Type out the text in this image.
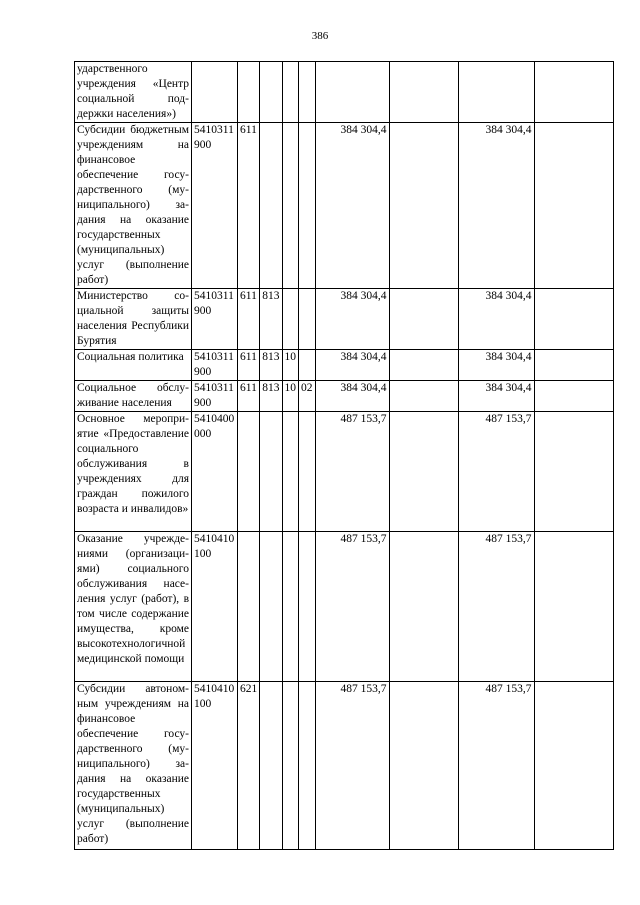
386
ударственного учреждения «Центр социальной поддержки населения»)									
Субсидии бюджетным учреждениям на финансовое обеспечение государственного (муниципального) задания на оказание государственных (муниципальных) услуг (выполнение работ)	5410311900	611				384 304,4		384 304,4	
Министерство социальной защиты населения Республики Бурятия	5410311900	611	813			384 304,4		384 304,4	
Социальная политика	5410311900	611	813	10		384 304,4		384 304,4	
Социальное обслуживание населения	5410311900	611	813	10	02	384 304,4		384 304,4	
Основное мероприятие «Предоставление социального обслуживания в учреждениях для граждан пожилого возраста и инвалидов»	5410400000					487 153,7		487 153,7	
Оказание учреждениями (организациями) социального обслуживания населения услуг (работ), в том числе содержание имущества, кроме высокотехнологичной медицинской помощи	5410410100					487 153,7		487 153,7	
Субсидии автономным учреждениям на финансовое обеспечение государственного (муниципального) задания на оказание государственных (муниципальных) услуг (выполнение работ)	5410410100	621				487 153,7		487 153,7	
